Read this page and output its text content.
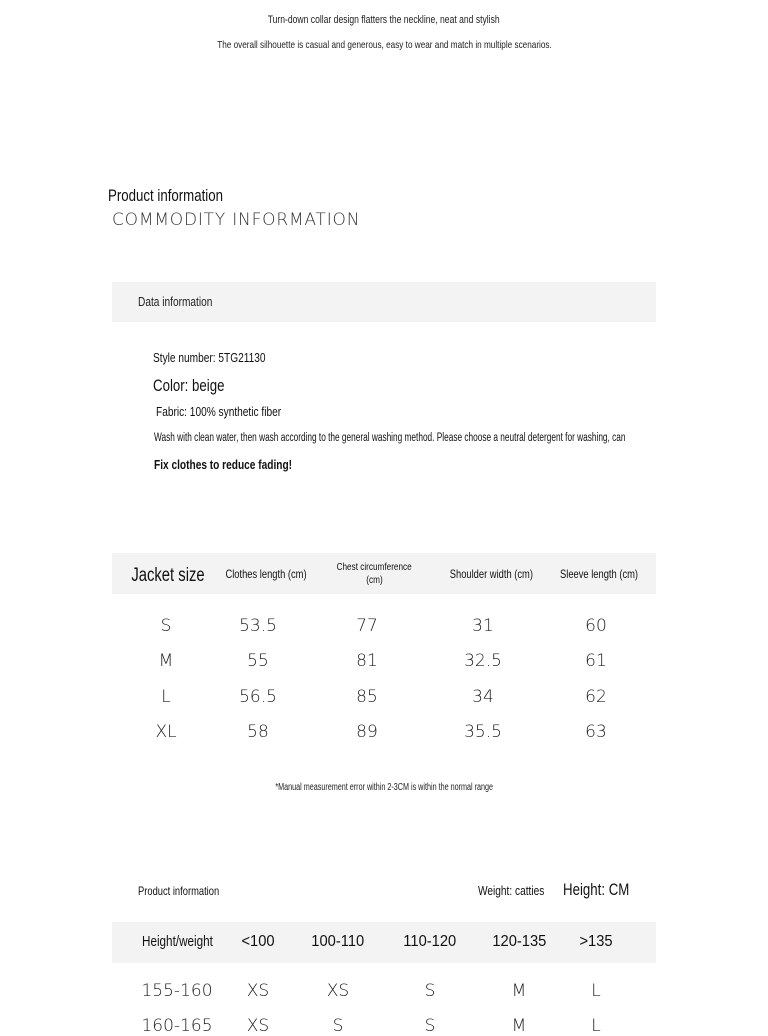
Turn-down collar design flatters the neckline, neat and stylish
The overall silhouette is casual and generous, easy to wear and match in multiple scenarios.
Product information
COMMODITY INFORMATION
Data information
Style number: 5TG21130
Color: beige
Fabric: 100% synthetic fiber
Wash with clean water, then wash according to the general washing method. Please choose a neutral detergent for washing, can
Fix clothes to reduce fading!
Jacket size	Clothes length (cm)	Chest circumference
(cm)	Shoulder width (cm)	Sleeve length (cm)
S	53.5	77	31	60
M	55	81	32.5	61
L	56.5	85	34	62
XL	58	89	35.5	63
*Manual measurement error within 2-3CM is within the normal range
Product information	Weight: catties	Height: CM
Height/weight	<100	100-110	110-120	120-135	>135
155-160	XS	XS	S	M	L
160-165	XS	S	S	M	L
